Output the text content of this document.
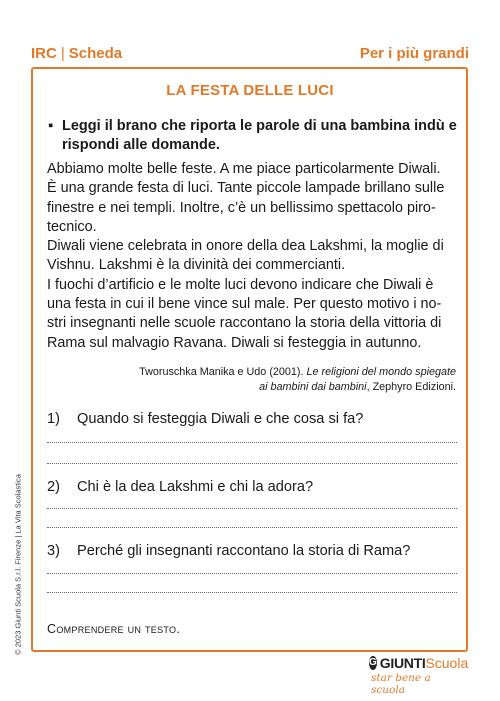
IRC | Scheda	Per i più grandi
LA FESTA DELLE LUCI
▪ Leggi il brano che riporta le parole di una bambina indù e rispondi alle domande.

Abbiamo molte belle feste. A me piace particolarmente Diwali.

È una grande festa di luci. Tante piccole lampade brillano sulle

finestre e nei templi. Inoltre, c’è un bellissimo spettacolo piro-

tecnico.

Diwali viene celebrata in onore della dea Lakshmi, la moglie di

Vishnu. Lakshmi è la divinità dei commercianti.

I fuochi d’artificio e le molte luci devono indicare che Diwali è

una festa in cui il bene vince sul male. Per questo motivo i no-

stri insegnanti nelle scuole raccontano la storia della vittoria di

Rama sul malvagio Ravana. Diwali si festeggia in autunno.

Tworuschka Manika e Udo (2001). Le religioni del mondo spiegate
ai bambini dai bambini, Zephyro Edizioni.
1) Quando si festeggia Diwali e che cosa si fa?
2) Chi è la dea Lakshmi e chi la adora?
3) Perché gli insegnanti raccontano la storia di Rama?
Comprendere un testo.
© 2023 Giunti Scuola S.r.l. Firenze | La Vita Scolastica
G GIUNTI Scuola
star bene a scuola
